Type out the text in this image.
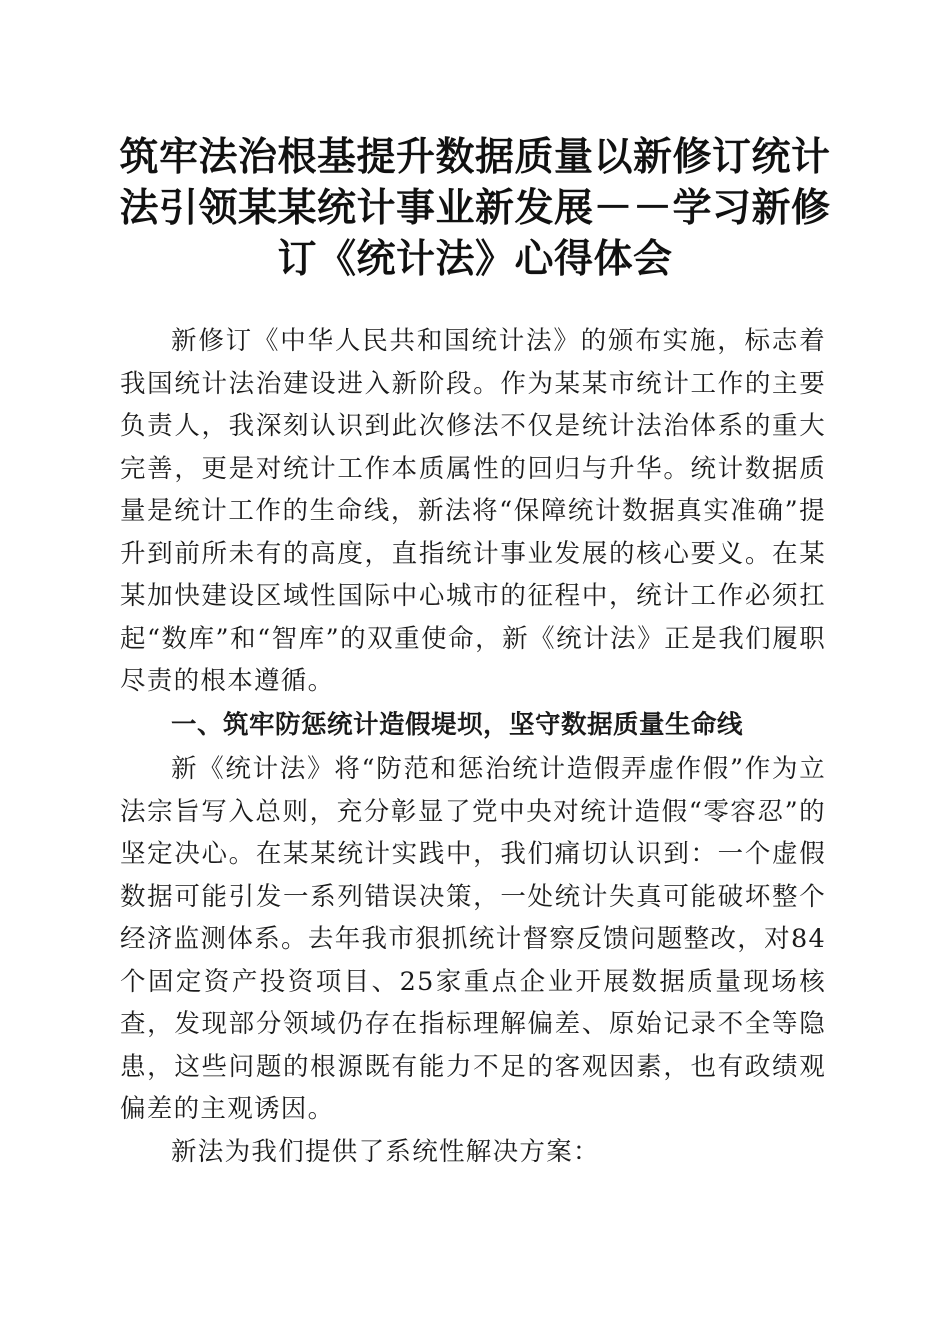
筑牢法治根基提升数据质量以新修订统计法引领某某统计事业新发展－－学习新修订《统计法》心得体会

新修订《中华人民共和国统计法》的颁布实施，标志着我国统计法治建设进入新阶段。作为某某市统计工作的主要负责人，我深刻认识到此次修法不仅是统计法治体系的重大完善，更是对统计工作本质属性的回归与升华。统计数据质量是统计工作的生命线，新法将“保障统计数据真实准确”提升到前所未有的高度，直指统计事业发展的核心要义。在某某加快建设区域性国际中心城市的征程中，统计工作必须扛起“数库”和“智库”的双重使命，新《统计法》正是我们履职尽责的根本遵循。

一、筑牢防惩统计造假堤坝，坚守数据质量生命线

新《统计法》将“防范和惩治统计造假弄虚作假”作为立法宗旨写入总则，充分彰显了党中央对统计造假“零容忍”的坚定决心。在某某统计实践中，我们痛切认识到：一个虚假数据可能引发一系列错误决策，一处统计失真可能破坏整个经济监测体系。去年我市狠抓统计督察反馈问题整改，对84个固定资产投资项目、25家重点企业开展数据质量现场核查，发现部分领域仍存在指标理解偏差、原始记录不全等隐患，这些问题的根源既有能力不足的客观因素，也有政绩观偏差的主观诱因。

新法为我们提供了系统性解决方案：
